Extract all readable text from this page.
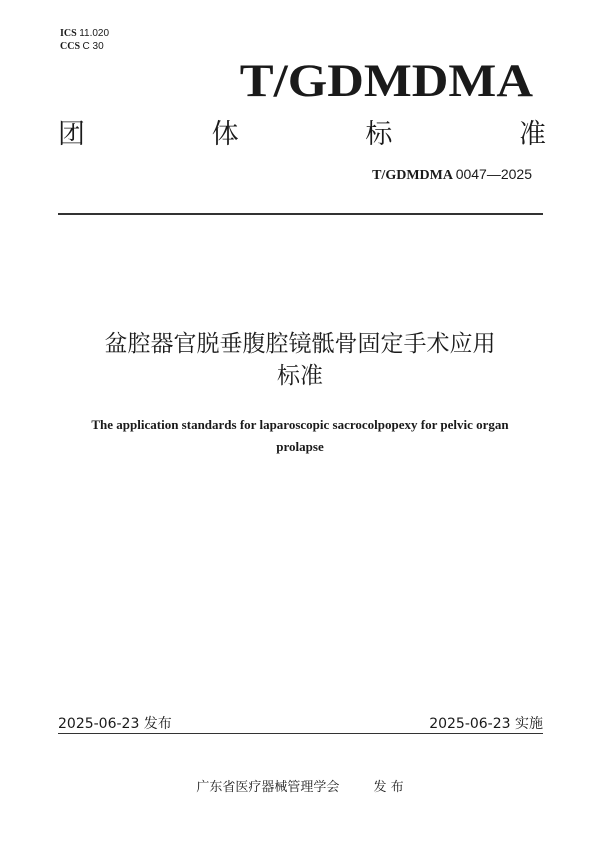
ICS 11.020
CCS C 30
T/GDMDMA
团	体	标	准
T/GDMDMA 0047—2025
盆腔器官脱垂腹腔镜骶骨固定手术应用
标准
The application standards for laparoscopic sacrocolpopexy for pelvic organ
prolapse
2025-06-23 发布	2025-06-23 实施
广东省医疗器械管理学会	发 布
